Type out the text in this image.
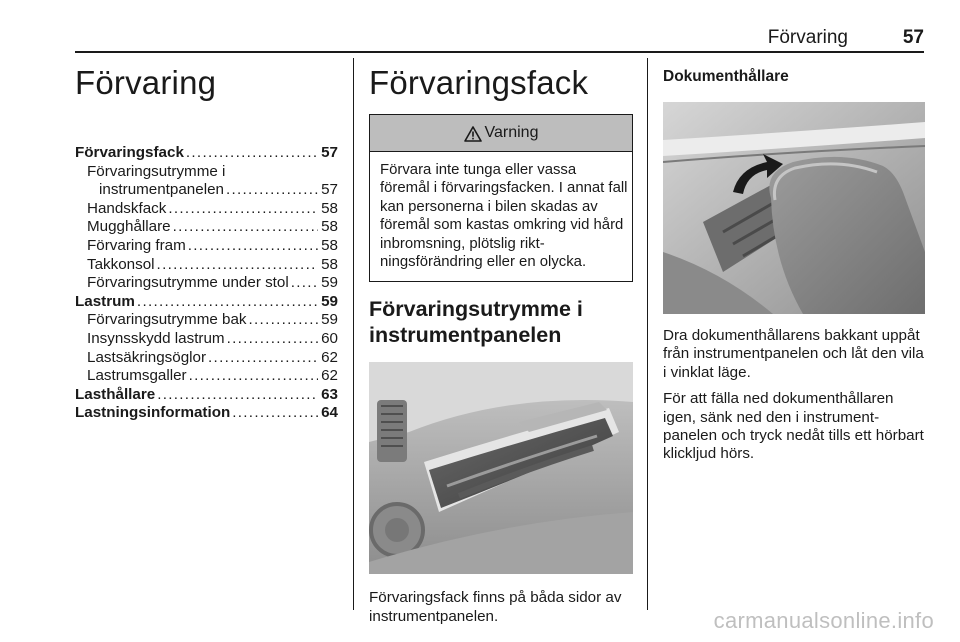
Förvaring	57
Förvaring
Förvaringsfack .....	57
Förvaringsutrymme i
instrumentpanelen .....	57
Handskfack .....	58
Mugghållare .....	58
Förvaring fram .....	58
Takkonsol .....	58
Förvaringsutrymme under stol ..... 59
Lastrum .....	59
Förvaringsutrymme bak .....	59
Insynsskydd lastrum .....	60
Lastsäkringsöglor .....	62
Lastrumsgaller .....	62
Lasthållare .....	63
Lastningsinformation .....	64
Förvaringsfack
Varning
Förvara inte tunga eller vassa föremål i förvaringsfacken. I annat fall kan personerna i bilen skadas av föremål som kastas omkring vid hård inbromsning, plötslig rikt- ningsförändring eller en olycka.
Förvaringsutrymme i instrumentpanelen

Förvaringsfack finns på båda sidor av instrumentpanelen.

Dokumenthållare

Dra dokumenthållarens bakkant uppåt från instrumentpanelen och låt den vila i vinklat läge.

För att fälla ned dokumenthållaren igen, sänk ned den i instrument- panelen och tryck nedåt tills ett hörbart klickljud hörs.

carmanualsonline.info
